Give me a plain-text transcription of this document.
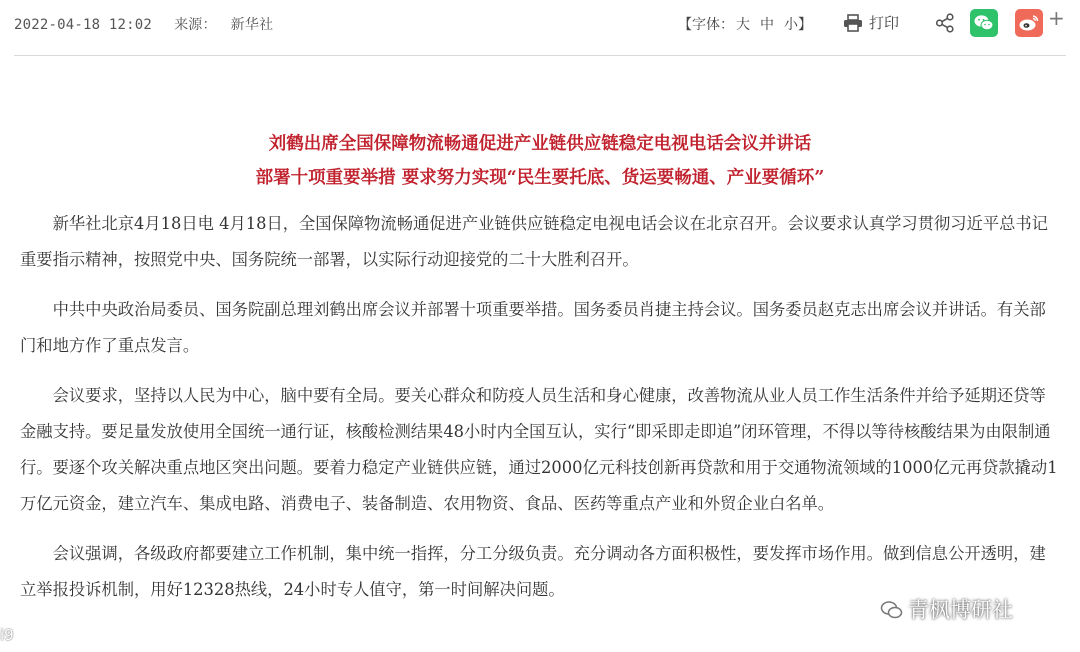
2022-04-18 12:02 来源： 新华社	【字体： 大 中 小】	打印	+
刘鹤出席全国保障物流畅通促进产业链供应链稳定电视电话会议并讲话
部署十项重要举措 要求努力实现“民生要托底、货运要畅通、产业要循环”

新华社北京4月18日电 4月18日，全国保障物流畅通促进产业链供应链稳定电视电话会议在北京召开。会议要求认真学习贯彻习近平总书记重要指示精神，按照党中央、国务院统一部署，以实际行动迎接党的二十大胜利召开。

中共中央政治局委员、国务院副总理刘鹤出席会议并部署十项重要举措。国务委员肖捷主持会议。国务委员赵克志出席会议并讲话。有关部门和地方作了重点发言。

会议要求，坚持以人民为中心，脑中要有全局。要关心群众和防疫人员生活和身心健康，改善物流从业人员工作生活条件并给予延期还贷等金融支持。要足量发放使用全国统一通行证，核酸检测结果48小时内全国互认，实行“即采即走即追”闭环管理，不得以等待核酸结果为由限制通行。要逐个攻关解决重点地区突出问题。要着力稳定产业链供应链，通过2000亿元科技创新再贷款和用于交通物流领域的1000亿元再贷款撬动1万亿元资金，建立汽车、集成电路、消费电子、装备制造、农用物资、食品、医药等重点产业和外贸企业白名单。

会议强调，各级政府都要建立工作机制，集中统一指挥，分工分级负责。充分调动各方面积极性，要发挥市场作用。做到信息公开透明，建立举报投诉机制，用好12328热线，24小时专人值守，第一时间解决问题。

青枫博研社
i9
